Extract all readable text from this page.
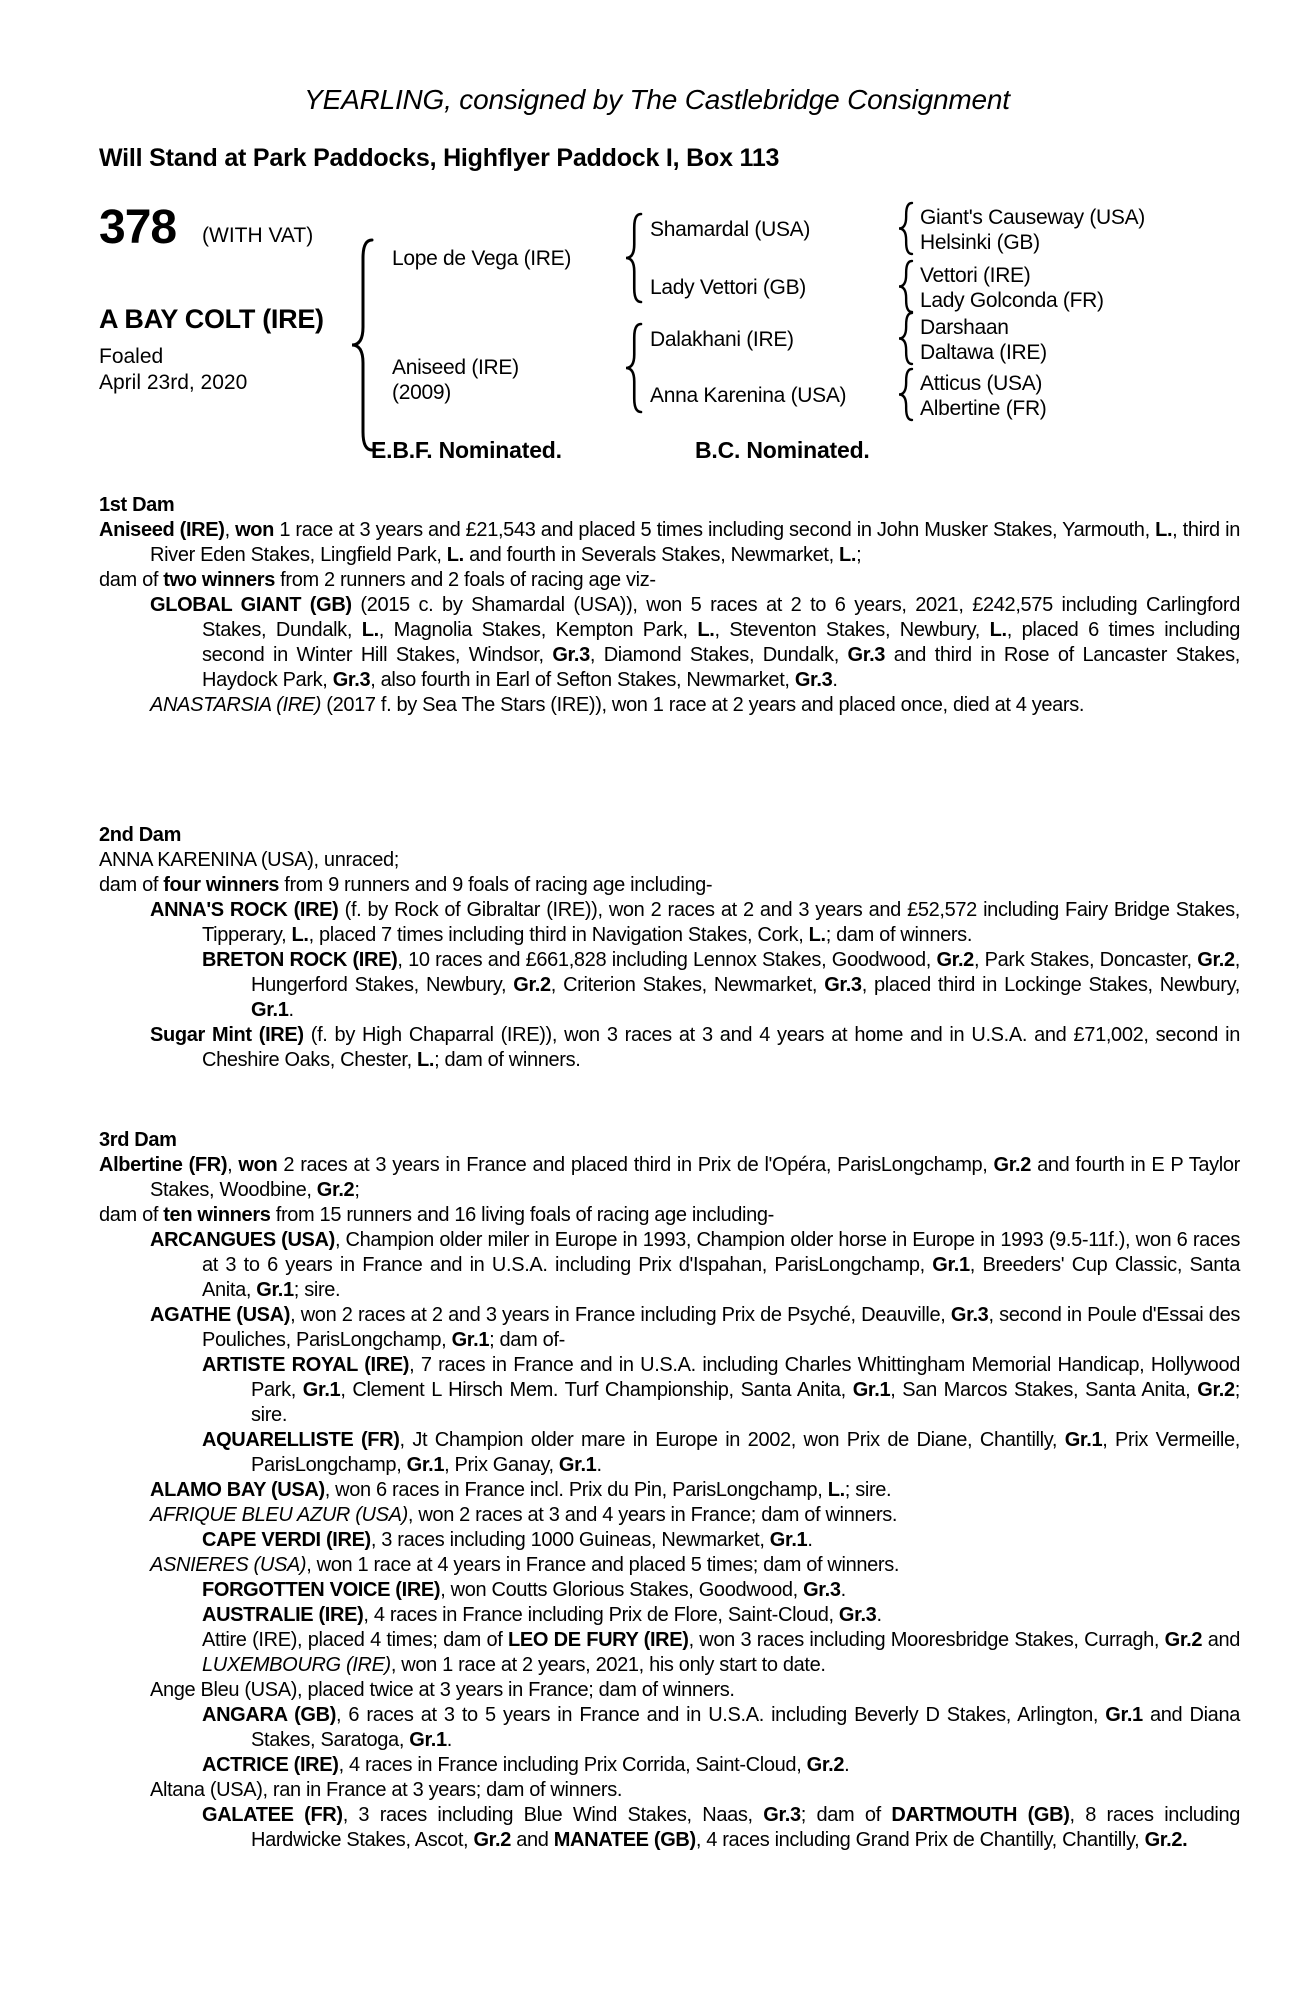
YEARLING, consigned by The Castlebridge Consignment
Will Stand at Park Paddocks, Highflyer Paddock I, Box 113
378 (WITH VAT)
A BAY COLT (IRE)
Foaled
April 23rd, 2020
Lope de Vega (IRE)
Aniseed (IRE)
(2009)
Shamardal (USA)
Lady Vettori (GB)
Dalakhani (IRE)
Anna Karenina (USA)
Giant's Causeway (USA)
Helsinki (GB)
Vettori (IRE)
Lady Golconda (FR)
Darshaan
Daltawa (IRE)
Atticus (USA)
Albertine (FR)
E.B.F. Nominated.	B.C. Nominated.
1st Dam
Aniseed (IRE), won 1 race at 3 years and £21,543 and placed 5 times including second in John Musker Stakes, Yarmouth, L., third in River Eden Stakes, Lingfield Park, L. and fourth in Severals Stakes, Newmarket, L.;
dam of two winners from 2 runners and 2 foals of racing age viz-
GLOBAL GIANT (GB) (2015 c. by Shamardal (USA)), won 5 races at 2 to 6 years, 2021, £242,575 including Carlingford Stakes, Dundalk, L., Magnolia Stakes, Kempton Park, L., Steventon Stakes, Newbury, L., placed 6 times including second in Winter Hill Stakes, Windsor, Gr.3, Diamond Stakes, Dundalk, Gr.3 and third in Rose of Lancaster Stakes, Haydock Park, Gr.3, also fourth in Earl of Sefton Stakes, Newmarket, Gr.3.
ANASTARSIA (IRE) (2017 f. by Sea The Stars (IRE)), won 1 race at 2 years and placed once, died at 4 years.
2nd Dam
ANNA KARENINA (USA), unraced;
dam of four winners from 9 runners and 9 foals of racing age including-
ANNA'S ROCK (IRE) (f. by Rock of Gibraltar (IRE)), won 2 races at 2 and 3 years and £52,572 including Fairy Bridge Stakes, Tipperary, L., placed 7 times including third in Navigation Stakes, Cork, L.; dam of winners.
BRETON ROCK (IRE), 10 races and £661,828 including Lennox Stakes, Goodwood, Gr.2, Park Stakes, Doncaster, Gr.2, Hungerford Stakes, Newbury, Gr.2, Criterion Stakes, Newmarket, Gr.3, placed third in Lockinge Stakes, Newbury, Gr.1.
Sugar Mint (IRE) (f. by High Chaparral (IRE)), won 3 races at 3 and 4 years at home and in U.S.A. and £71,002, second in Cheshire Oaks, Chester, L.; dam of winners.
3rd Dam
Albertine (FR), won 2 races at 3 years in France and placed third in Prix de l'Opéra, ParisLongchamp, Gr.2 and fourth in E P Taylor Stakes, Woodbine, Gr.2;
dam of ten winners from 15 runners and 16 living foals of racing age including-
ARCANGUES (USA), Champion older miler in Europe in 1993, Champion older horse in Europe in 1993 (9.5-11f.), won 6 races at 3 to 6 years in France and in U.S.A. including Prix d'Ispahan, ParisLongchamp, Gr.1, Breeders' Cup Classic, Santa Anita, Gr.1; sire.
AGATHE (USA), won 2 races at 2 and 3 years in France including Prix de Psyché, Deauville, Gr.3, second in Poule d'Essai des Pouliches, ParisLongchamp, Gr.1; dam of-
ARTISTE ROYAL (IRE), 7 races in France and in U.S.A. including Charles Whittingham Memorial Handicap, Hollywood Park, Gr.1, Clement L Hirsch Mem. Turf Championship, Santa Anita, Gr.1, San Marcos Stakes, Santa Anita, Gr.2; sire.
AQUARELLISTE (FR), Jt Champion older mare in Europe in 2002, won Prix de Diane, Chantilly, Gr.1, Prix Vermeille, ParisLongchamp, Gr.1, Prix Ganay, Gr.1.
ALAMO BAY (USA), won 6 races in France incl. Prix du Pin, ParisLongchamp, L.; sire.
AFRIQUE BLEU AZUR (USA), won 2 races at 3 and 4 years in France; dam of winners.
CAPE VERDI (IRE), 3 races including 1000 Guineas, Newmarket, Gr.1.
ASNIERES (USA), won 1 race at 4 years in France and placed 5 times; dam of winners.
FORGOTTEN VOICE (IRE), won Coutts Glorious Stakes, Goodwood, Gr.3.
AUSTRALIE (IRE), 4 races in France including Prix de Flore, Saint-Cloud, Gr.3.
Attire (IRE), placed 4 times; dam of LEO DE FURY (IRE), won 3 races including Mooresbridge Stakes, Curragh, Gr.2 and LUXEMBOURG (IRE), won 1 race at 2 years, 2021, his only start to date.
Ange Bleu (USA), placed twice at 3 years in France; dam of winners.
ANGARA (GB), 6 races at 3 to 5 years in France and in U.S.A. including Beverly D Stakes, Arlington, Gr.1 and Diana Stakes, Saratoga, Gr.1.
ACTRICE (IRE), 4 races in France including Prix Corrida, Saint-Cloud, Gr.2.
Altana (USA), ran in France at 3 years; dam of winners.
GALATEE (FR), 3 races including Blue Wind Stakes, Naas, Gr.3; dam of DARTMOUTH (GB), 8 races including Hardwicke Stakes, Ascot, Gr.2 and MANATEE (GB), 4 races including Grand Prix de Chantilly, Chantilly, Gr.2.
